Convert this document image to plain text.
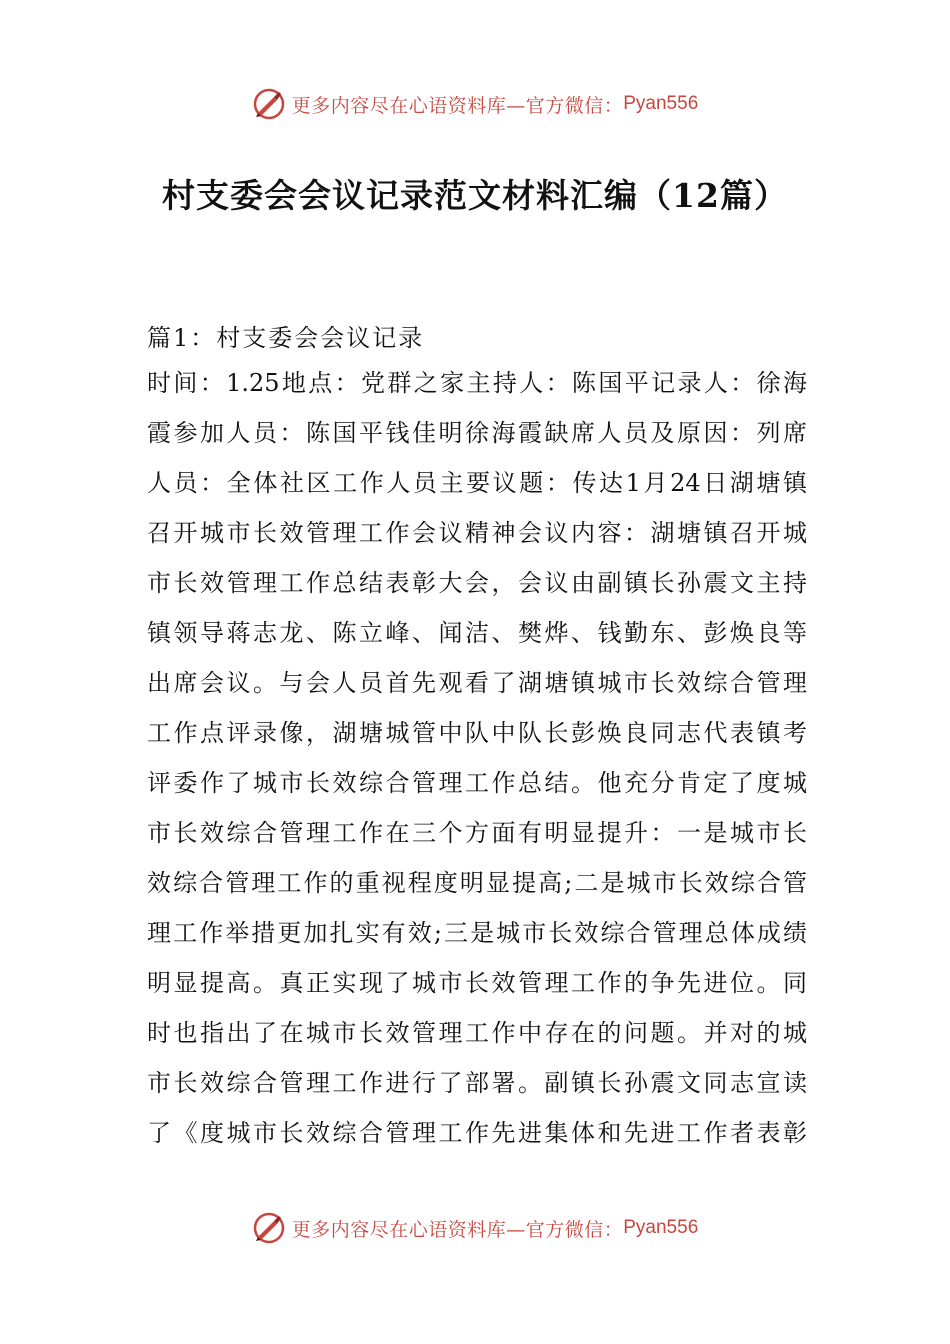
更多内容尽在心语资料库—官方微信： Pyan556
村支委会会议记录范文材料汇编（12篇）
篇1：村支委会会议记录
时间：1.25地点：党群之家主持人：陈国平记录人：徐海
霞参加人员：陈国平钱佳明徐海霞缺席人员及原因：列席
人员：全体社区工作人员主要议题：传达1月24日湖塘镇
召开城市长效管理工作会议精神会议内容：湖塘镇召开城
市长效管理工作总结表彰大会，会议由副镇长孙震文主持
镇领导蒋志龙、陈立峰、闻洁、樊烨、钱勤东、彭焕良等
出席会议。与会人员首先观看了湖塘镇城市长效综合管理
工作点评录像，湖塘城管中队中队长彭焕良同志代表镇考
评委作了城市长效综合管理工作总结。他充分肯定了度城
市长效综合管理工作在三个方面有明显提升：一是城市长
效综合管理工作的重视程度明显提高;二是城市长效综合管
理工作举措更加扎实有效;三是城市长效综合管理总体成绩
明显提高。真正实现了城市长效管理工作的争先进位。同
时也指出了在城市长效管理工作中存在的问题。并对的城
市长效综合管理工作进行了部署。副镇长孙震文同志宣读
了《度城市长效综合管理工作先进集体和先进工作者表彰
更多内容尽在心语资料库—官方微信： Pyan556
